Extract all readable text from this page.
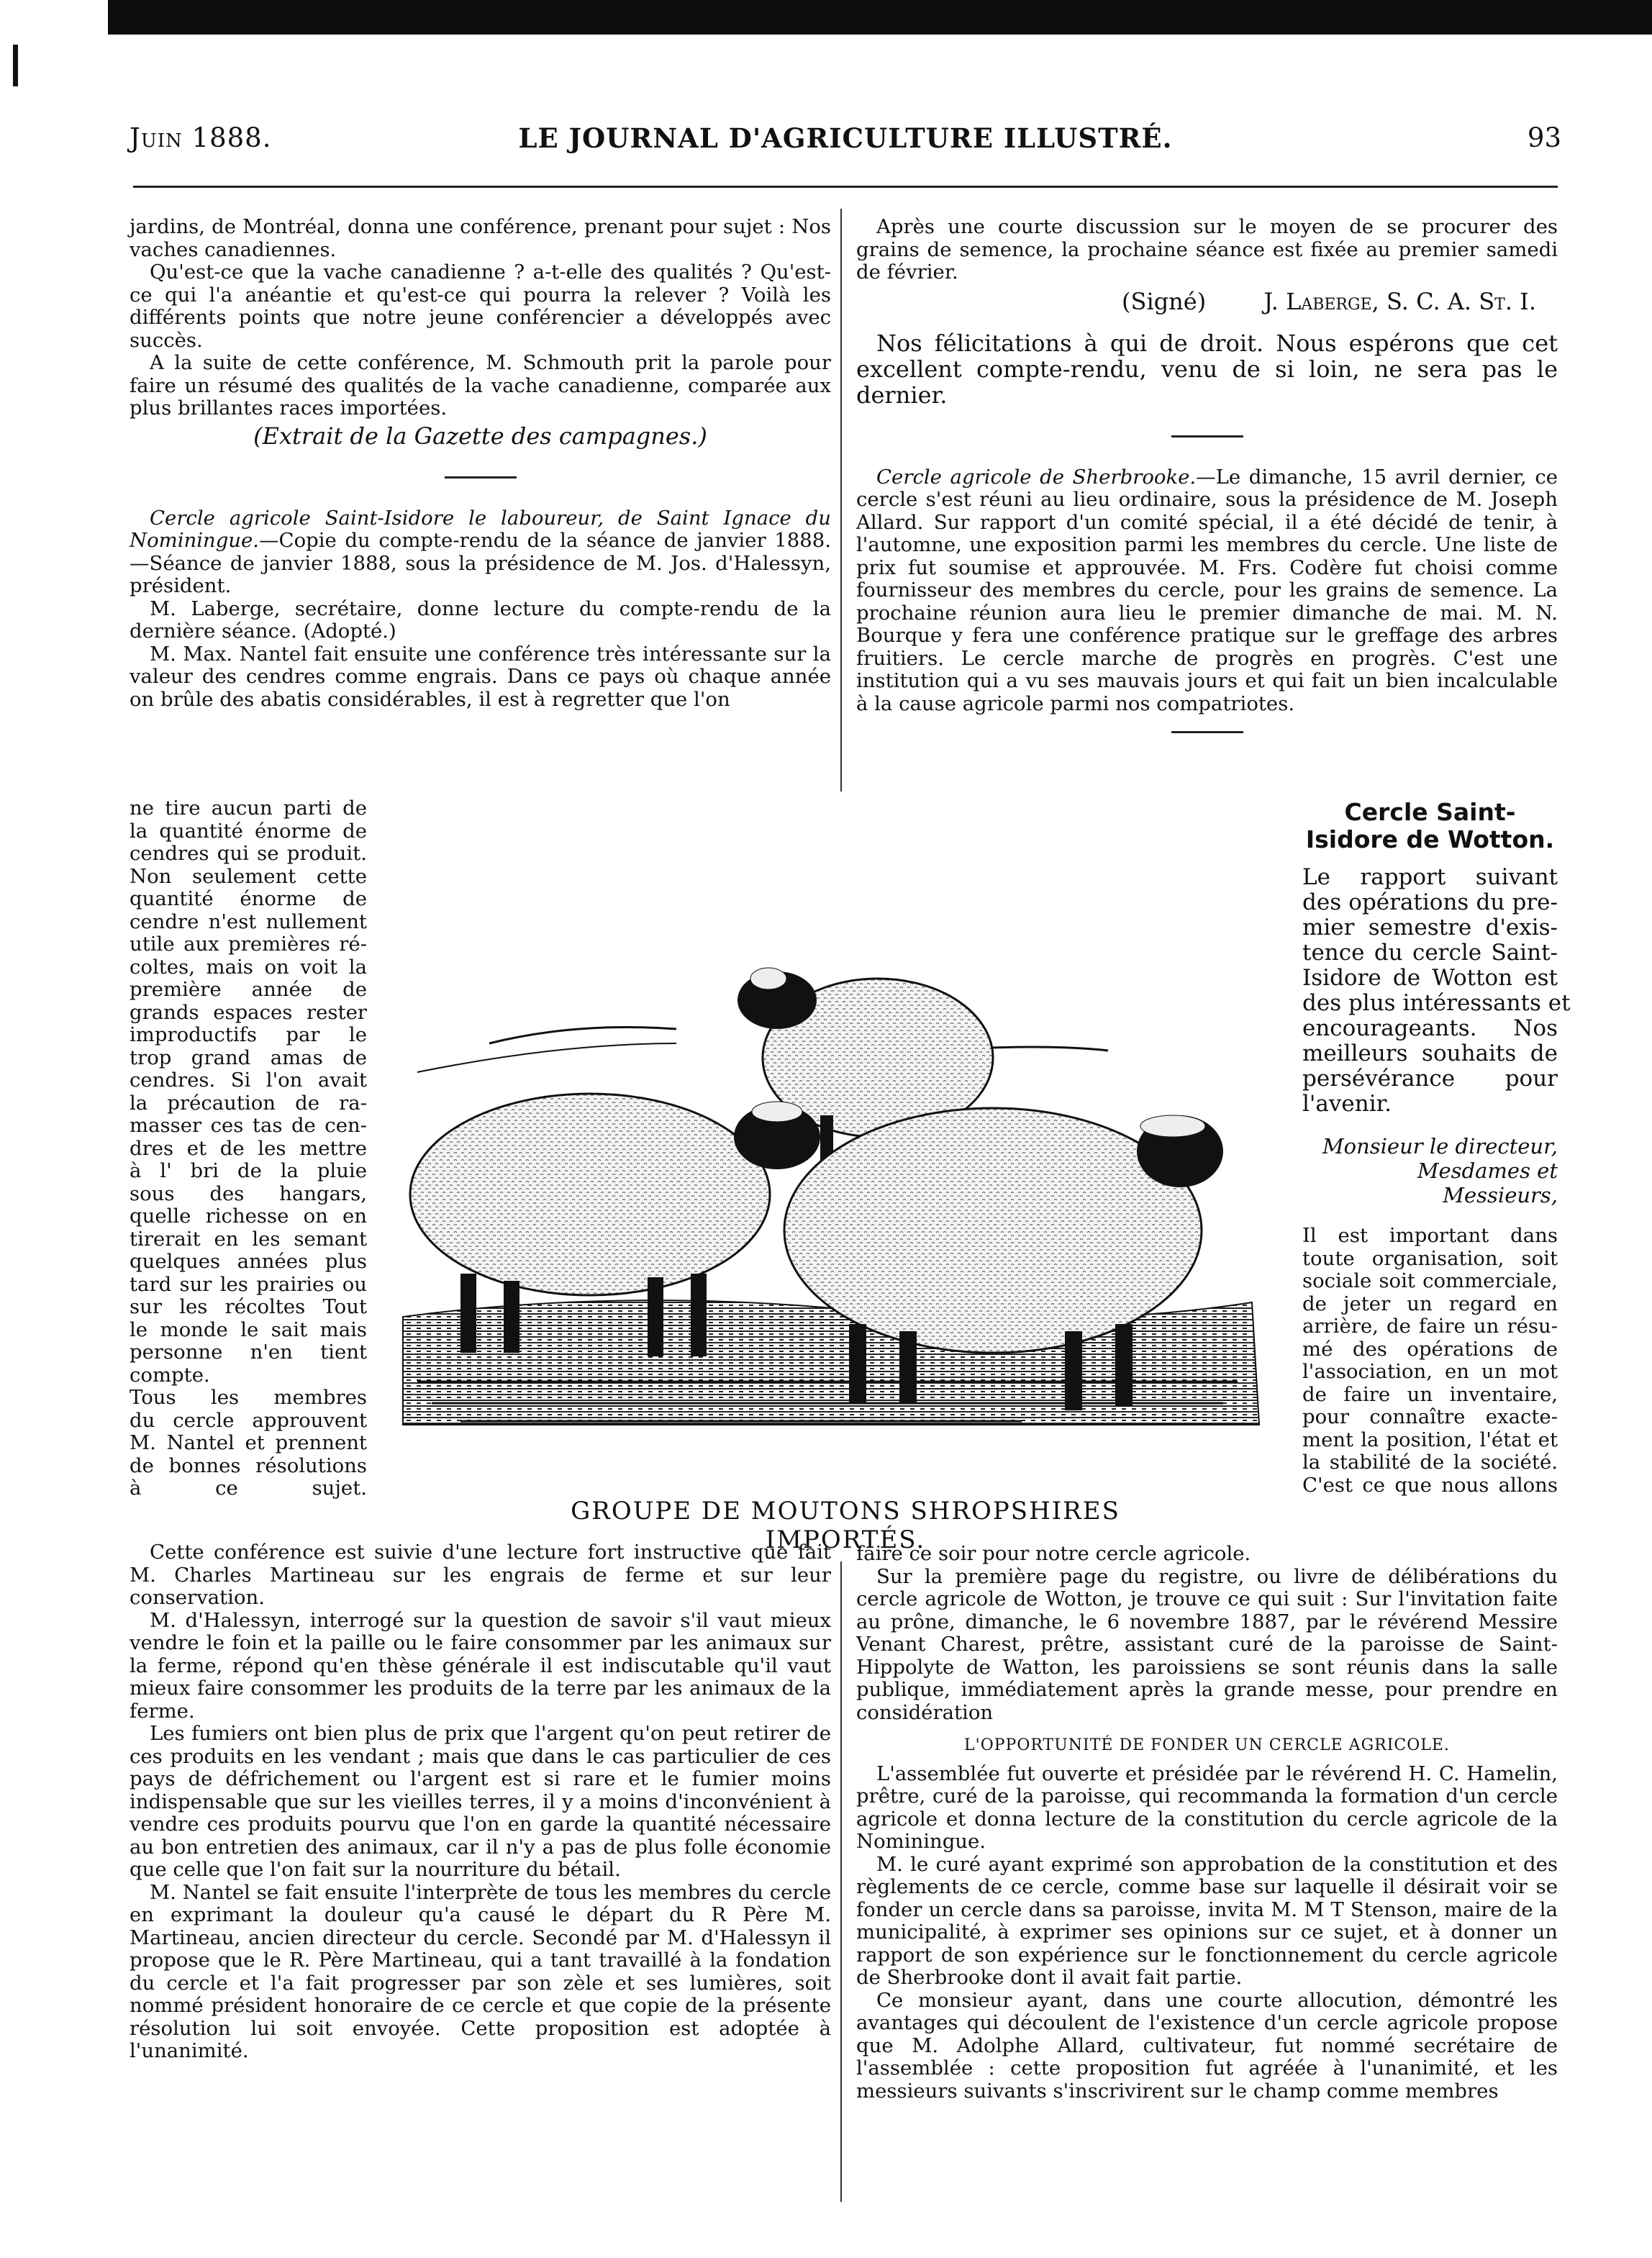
Juin 1888.	LE JOURNAL D'AGRICULTURE ILLUSTRÉ.	93

jardins, de Montréal, donna une conférence, prenant pour sujet : Nos vaches canadiennes.

Qu'est-ce que la vache canadienne ? a-t-elle des qualités ? Qu'est-ce qui l'a anéantie et qu'est-ce qui pourra la relever ? Voilà les différents points que notre jeune conférencier a développés avec succès.

A la suite de cette conférence, M. Schmouth prit la parole pour faire un résumé des qualités de la vache canadienne, comparée aux plus brillantes races importées.

(Extrait de la Gazette des campagnes.)

Cercle agricole Saint-Isidore le laboureur, de Saint Ignace du Nominingue.—Copie du compte-rendu de la séance de janvier 1888.—Séance de janvier 1888, sous la présidence de M. Jos. d'Halessyn, président.

M. Laberge, secrétaire, donne lecture du compte-rendu de la dernière séance. (Adopté.)

M. Max. Nantel fait ensuite une conférence très intéressante sur la valeur des cendres comme engrais. Dans ce pays où chaque année on brûle des abatis considérables, il est à regretter que l'on

ne tire aucun parti de
la quantité énorme de
cendres qui se produit.
Non seulement cette
quantité énorme de
cendre n'est nullement
utile aux premières ré-
coltes, mais on voit la
première année de
grands espaces rester
improductifs par le
trop grand amas de
cendres. Si l'on avait
la précaution de ra-
masser ces tas de cen-
dres et de les mettre
à l' bri de la pluie
sous des hangars,
quelle richesse on en
tirerait en les semant
quelques années plus
tard sur les prairies ou
sur les récoltes Tout
le monde le sait mais
personne n'en tient
compte.
Tous les membres
du cercle approuvent
M. Nantel et prennent
de bonnes résolutions
à ce sujet.

Cette conférence est suivie d'une lecture fort instructive que fait M. Charles Martineau sur les engrais de ferme et sur leur conservation.

M. d'Halessyn, interrogé sur la question de savoir s'il vaut mieux vendre le foin et la paille ou le faire consommer par les animaux sur la ferme, répond qu'en thèse générale il est indiscutable qu'il vaut mieux faire consommer les produits de la terre par les animaux de la ferme.

Les fumiers ont bien plus de prix que l'argent qu'on peut retirer de ces produits en les vendant ; mais que dans le cas particulier de ces pays de défrichement ou l'argent est si rare et le fumier moins indispensable que sur les vieilles terres, il y a moins d'inconvénient à vendre ces produits pourvu que l'on en garde la quantité nécessaire au bon entretien des animaux, car il n'y a pas de plus folle économie que celle que l'on fait sur la nourriture du bétail.

M. Nantel se fait ensuite l'interprète de tous les membres du cercle en exprimant la douleur qu'a causé le départ du R Père M. Martineau, ancien directeur du cercle. Secondé par M. d'Halessyn il propose que le R. Père Martineau, qui a tant travaillé à la fondation du cercle et l'a fait progresser par son zèle et ses lumières, soit nommé président honoraire de ce cercle et que copie de la présente résolution lui soit envoyée. Cette proposition est adoptée à l'unanimité.

Après une courte discussion sur le moyen de se procurer des grains de semence, la prochaine séance est fixée au premier samedi de février.

(Signé)	J. Laberge, S. C. A. St. I.

Nos félicitations à qui de droit. Nous espérons que cet excellent compte-rendu, venu de si loin, ne sera pas le dernier.

Cercle agricole de Sherbrooke.—Le dimanche, 15 avril dernier, ce cercle s'est réuni au lieu ordinaire, sous la présidence de M. Joseph Allard. Sur rapport d'un comité spécial, il a été décidé de tenir, à l'automne, une exposition parmi les membres du cercle. Une liste de prix fut soumise et approuvée. M. Frs. Codère fut choisi comme fournisseur des membres du cercle, pour les grains de semence. La prochaine réunion aura lieu le premier dimanche de mai. M. N. Bourque y fera une conférence pratique sur le greffage des arbres fruitiers. Le cercle marche de progrès en progrès. C'est une institution qui a vu ses mauvais jours et qui fait un bien incalculable à la cause agricole parmi nos compatriotes.

Cercle Saint-Isidore de Wotton.
Le rapport suivant
des opérations du pre-
mier semestre d'exis-
tence du cercle Saint-
Isidore de Wotton est
des plus intéressants et
encourageants. Nos
meilleurs souhaits de
persévérance pour
l'avenir.
Monsieur le directeur,
Mesdames et Messieurs,
Il est important dans
toute organisation, soit
sociale soit commerciale,
de jeter un regard en
arrière, de faire un résu-
mé des opérations de
l'association, en un mot
de faire un inventaire,
pour connaître exacte-
ment la position, l'état et
la stabilité de la société.
C'est ce que nous allons
GROUPE DE MOUTONS SHROPSHIRES IMPORTÉS.

faire ce soir pour notre cercle agricole.

Sur la première page du registre, ou livre de délibérations du cercle agricole de Wotton, je trouve ce qui suit : Sur l'invitation faite au prône, dimanche, le 6 novembre 1887, par le révérend Messire Venant Charest, prêtre, assistant curé de la paroisse de Saint-Hippolyte de Watton, les paroissiens se sont réunis dans la salle publique, immédiatement après la grande messe, pour prendre en considération

L'OPPORTUNITÉ DE FONDER UN CERCLE AGRICOLE.

L'assemblée fut ouverte et présidée par le révérend H. C. Hamelin, prêtre, curé de la paroisse, qui recommanda la formation d'un cercle agricole et donna lecture de la constitution du cercle agricole de la Nominingue.

M. le curé ayant exprimé son approbation de la constitution et des règlements de ce cercle, comme base sur laquelle il désirait voir se fonder un cercle dans sa paroisse, invita M. M T Stenson, maire de la municipalité, à exprimer ses opinions sur ce sujet, et à donner un rapport de son expérience sur le fonctionnement du cercle agricole de Sherbrooke dont il avait fait partie.

Ce monsieur ayant, dans une courte allocution, démontré les avantages qui découlent de l'existence d'un cercle agricole propose que M. Adolphe Allard, cultivateur, fut nommé secrétaire de l'assemblée : cette proposition fut agréée à l'unanimité, et les messieurs suivants s'inscrivirent sur le champ comme membres
